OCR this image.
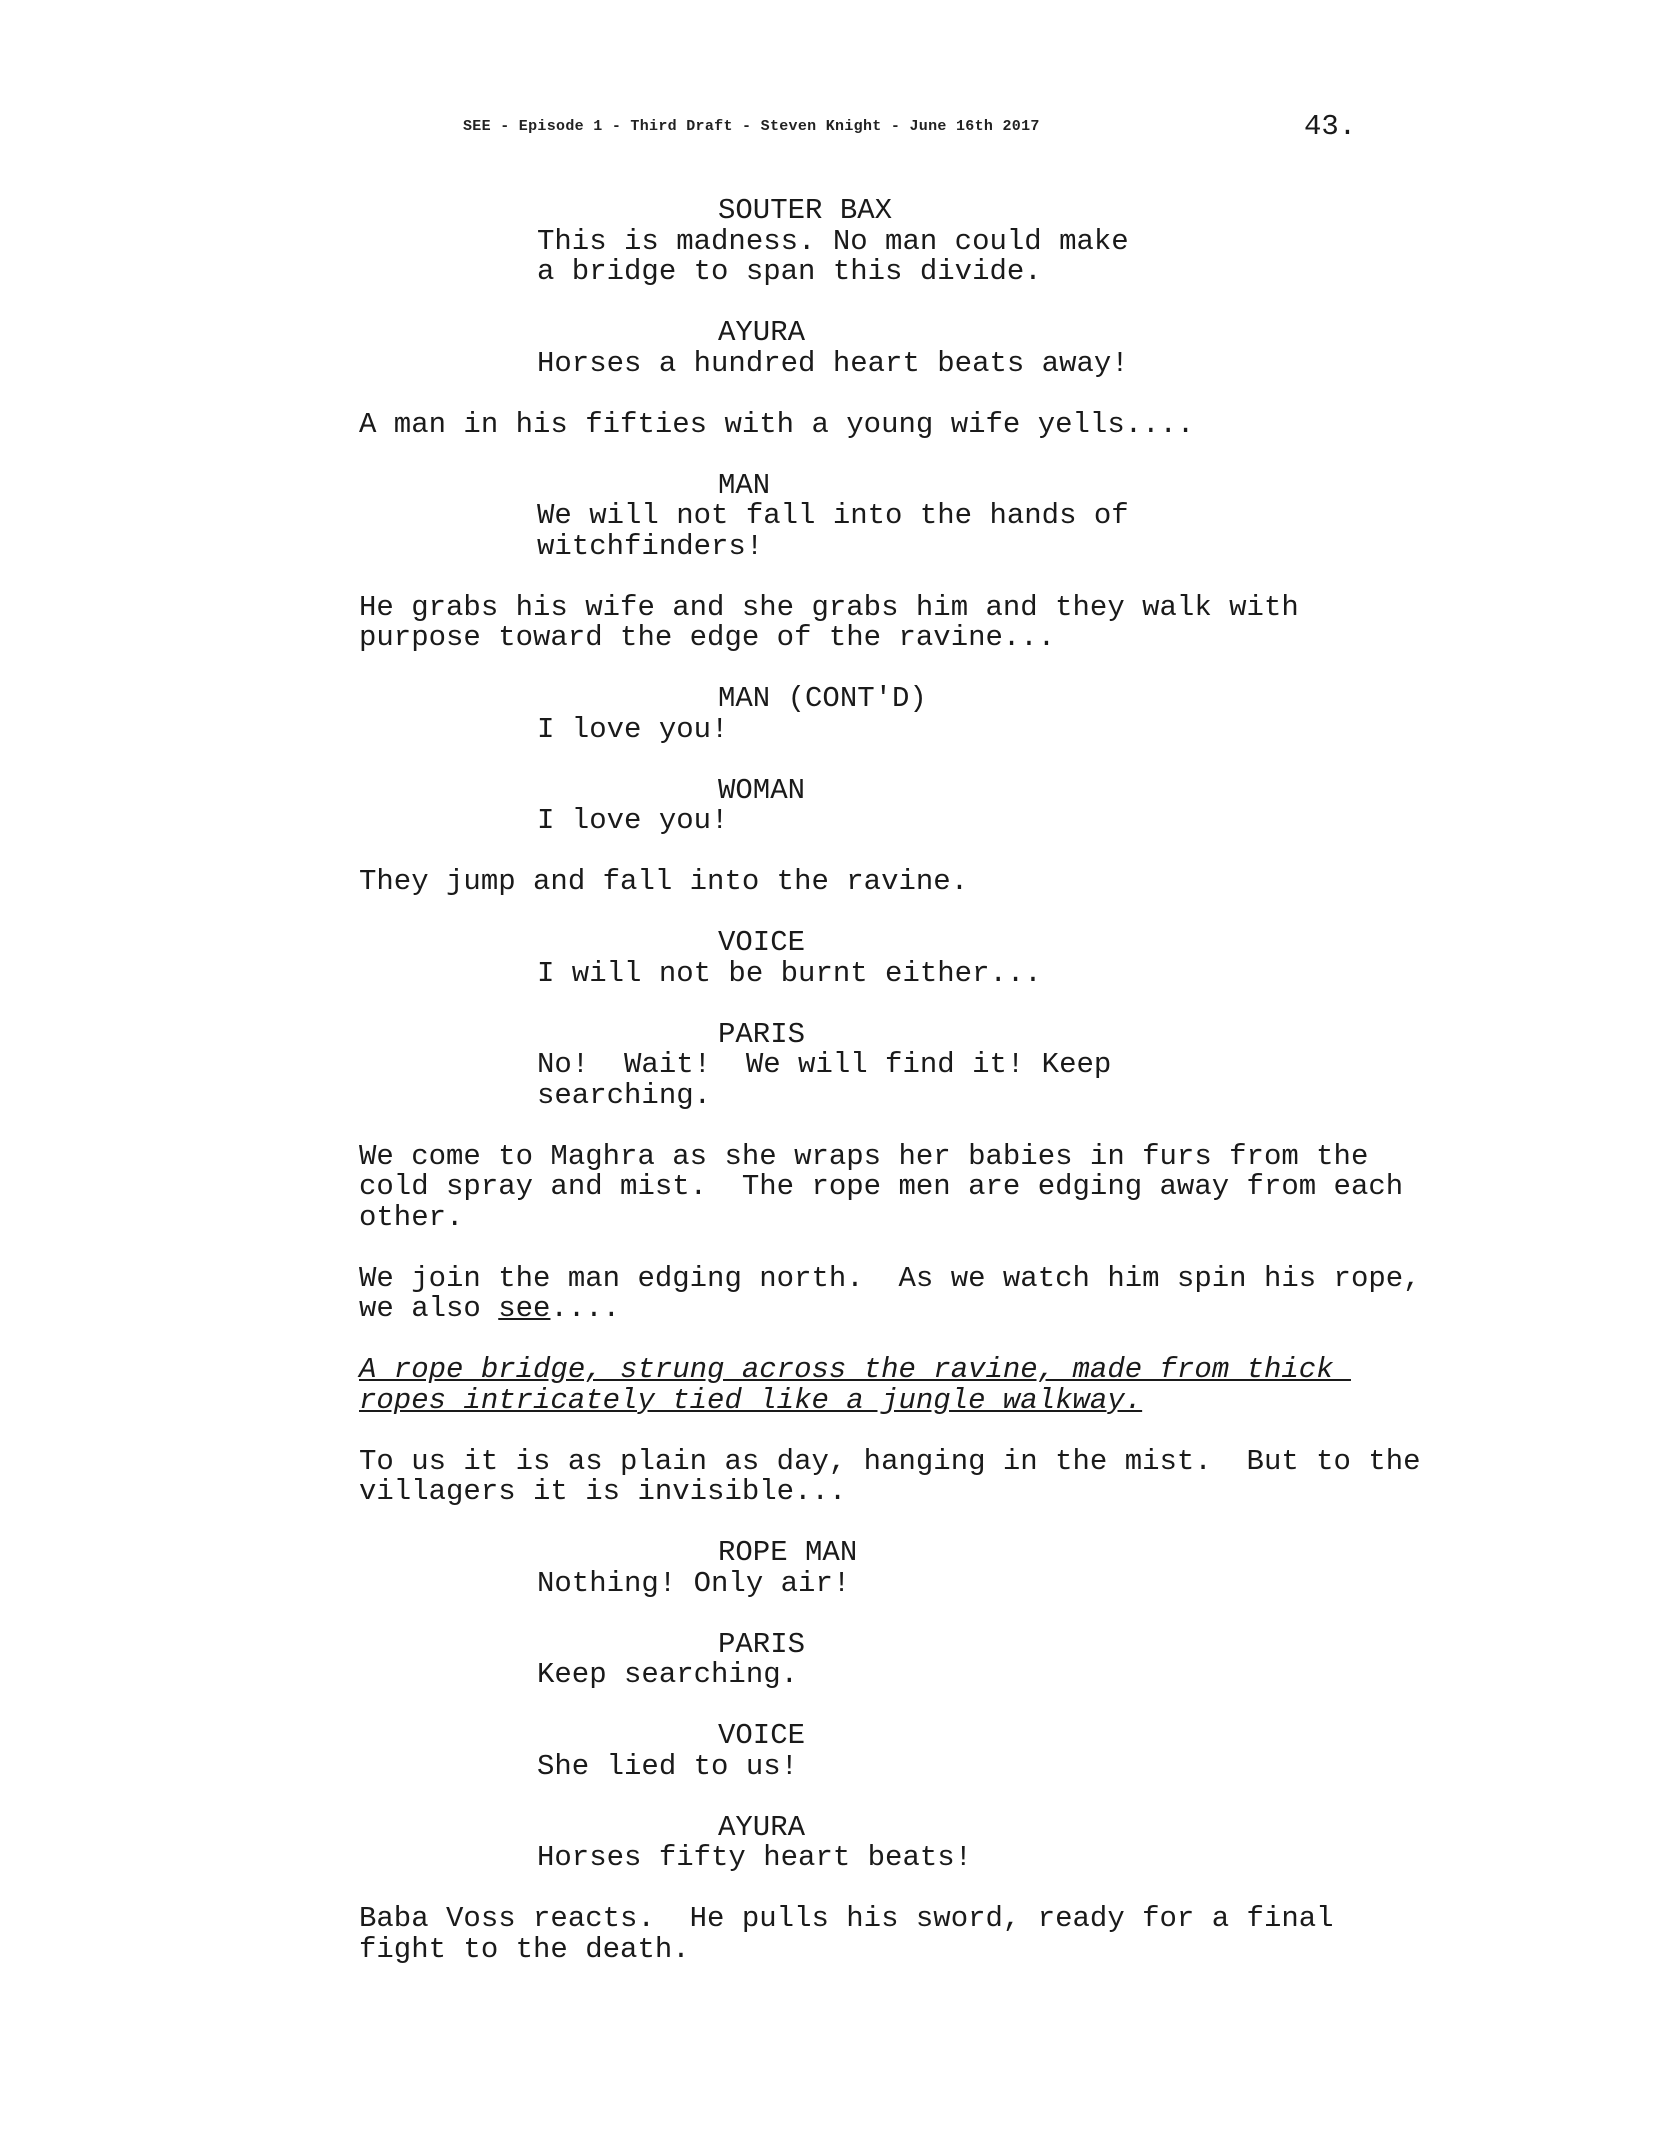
SEE - Episode 1 - Third Draft - Steven Knight - June 16th 2017	43.
SOUTER BAX
This is madness. No man could make
a bridge to span this divide.
AYURA
Horses a hundred heart beats away!
A man in his fifties with a young wife yells....
MAN
We will not fall into the hands of
witchfinders!
He grabs his wife and she grabs him and they walk with
purpose toward the edge of the ravine...
MAN (CONT'D)
I love you!
WOMAN
I love you!
They jump and fall into the ravine.
VOICE
I will not be burnt either...
PARIS
No!  Wait!  We will find it! Keep
searching.
We come to Maghra as she wraps her babies in furs from the
cold spray and mist.  The rope men are edging away from each
other.
We join the man edging north.  As we watch him spin his rope,
we also see....
A rope bridge, strung across the ravine, made from thick
ropes intricately tied like a jungle walkway.
To us it is as plain as day, hanging in the mist.  But to the
villagers it is invisible...
ROPE MAN
Nothing! Only air!
PARIS
Keep searching.
VOICE
She lied to us!
AYURA
Horses fifty heart beats!
Baba Voss reacts.  He pulls his sword, ready for a final
fight to the death.
